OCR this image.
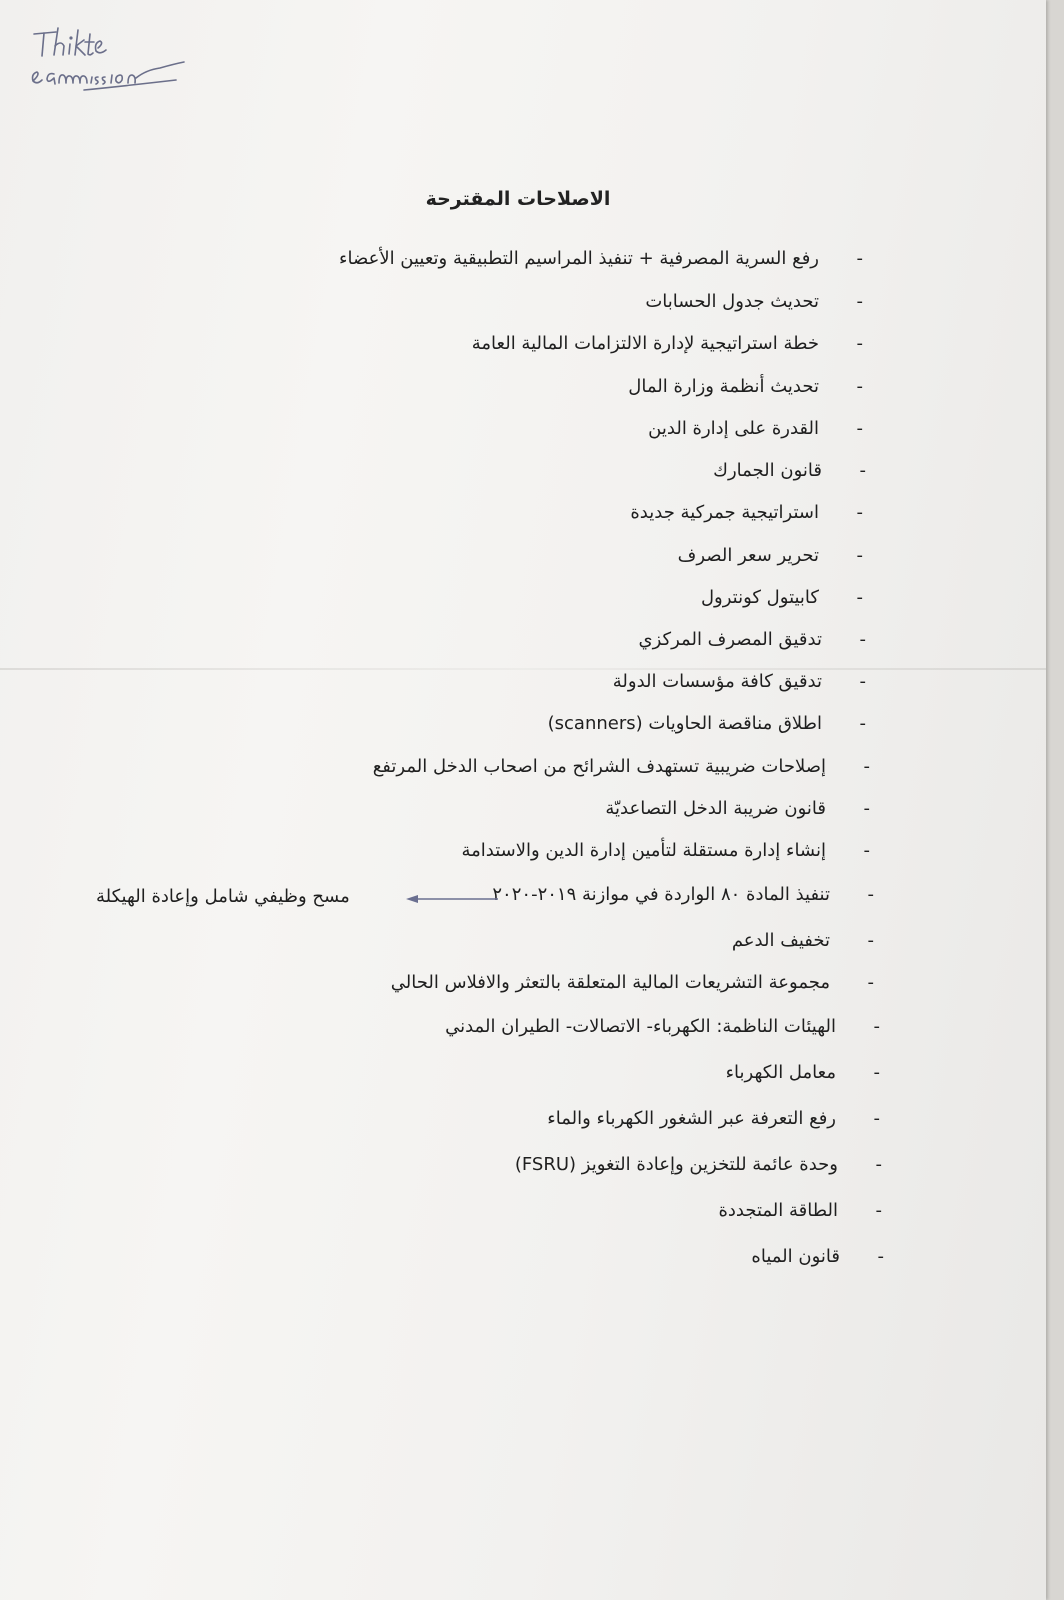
الاصلاحات المقترحة
-
رفع السرية المصرفية + تنفيذ المراسيم التطبيقية وتعيين الأعضاء
-
تحديث جدول الحسابات
-
خطة استراتيجية لإدارة الالتزامات المالية العامة
-
تحديث أنظمة وزارة المال
-
القدرة على إدارة الدين
-
قانون الجمارك
-
استراتيجية جمركية جديدة
-
تحرير سعر الصرف
-
كابيتول كونترول
-
تدقيق المصرف المركزي
-
تدقيق كافة مؤسسات الدولة
-
اطلاق مناقصة الحاويات (scanners)
-
إصلاحات ضريبية تستهدف الشرائح من اصحاب الدخل المرتفع
-
قانون ضريبة الدخل التصاعديّة
-
إنشاء إدارة مستقلة لتأمين إدارة الدين والاستدامة
-
تنفيذ المادة ٨٠ الواردة في موازنة ٢٠١٩-٢٠٢٠
-
تخفيف الدعم
-
مجموعة التشريعات المالية المتعلقة بالتعثر والافلاس الحالي
-
الهيئات الناظمة: الكهرباء- الاتصالات- الطيران المدني
-
معامل الكهرباء
-
رفع التعرفة عبر الشغور الكهرباء والماء
-
وحدة عائمة للتخزين وإعادة التغويز (FSRU)
-
الطاقة المتجددة
-
قانون المياه
مسح وظيفي شامل وإعادة الهيكلة
